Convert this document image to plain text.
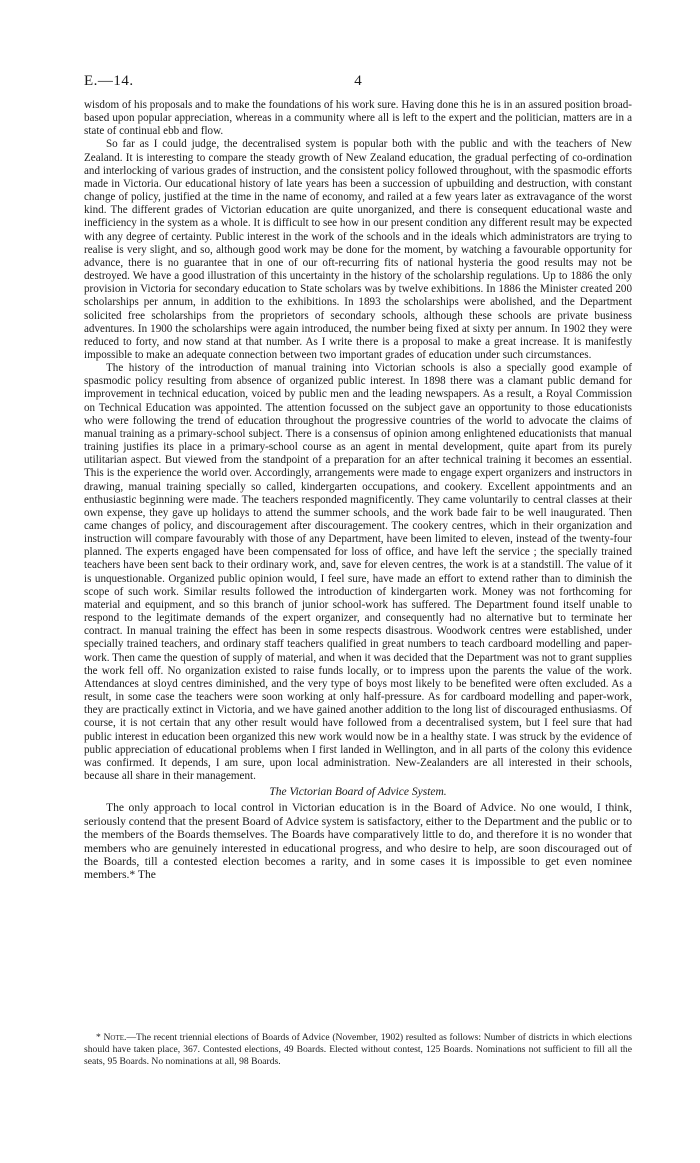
E.—14.	4

wisdom of his proposals and to make the foundations of his work sure. Having done this he is in an assured position broad-based upon popular appreciation, whereas in a community where all is left to the expert and the politician, matters are in a state of continual ebb and flow.

So far as I could judge, the decentralised system is popular both with the public and with the teachers of New Zealand. It is interesting to compare the steady growth of New Zealand education, the gradual perfecting of co-ordination and interlocking of various grades of instruction, and the consistent policy followed throughout, with the spasmodic efforts made in Victoria. Our educational history of late years has been a succession of upbuilding and destruction, with constant change of policy, justified at the time in the name of economy, and railed at a few years later as extravagance of the worst kind. The different grades of Victorian education are quite unorganized, and there is consequent educational waste and inefficiency in the system as a whole. It is difficult to see how in our present condition any different result may be expected with any degree of certainty. Public interest in the work of the schools and in the ideals which administrators are trying to realise is very slight, and so, although good work may be done for the moment, by watching a favourable opportunity for advance, there is no guarantee that in one of our oft-recurring fits of national hysteria the good results may not be destroyed. We have a good illustration of this uncertainty in the history of the scholarship regulations. Up to 1886 the only provision in Victoria for secondary education to State scholars was by twelve exhibitions. In 1886 the Minister created 200 scholarships per annum, in addition to the exhibitions. In 1893 the scholarships were abolished, and the Department solicited free scholarships from the proprietors of secondary schools, although these schools are private business adventures. In 1900 the scholarships were again introduced, the number being fixed at sixty per annum. In 1902 they were reduced to forty, and now stand at that number. As I write there is a proposal to make a great increase. It is manifestly impossible to make an adequate connection between two important grades of education under such circumstances.

The history of the introduction of manual training into Victorian schools is also a specially good example of spasmodic policy resulting from absence of organized public interest. In 1898 there was a clamant public demand for improvement in technical education, voiced by public men and the leading newspapers. As a result, a Royal Commission on Technical Education was appointed. The attention focussed on the subject gave an opportunity to those educationists who were following the trend of education throughout the progressive countries of the world to advocate the claims of manual training as a primary-school subject. There is a consensus of opinion among enlightened educationists that manual training justifies its place in a primary-school course as an agent in mental development, quite apart from its purely utilitarian aspect. But viewed from the standpoint of a preparation for an after technical training it becomes an essential. This is the experience the world over. Accordingly, arrangements were made to engage expert organizers and instructors in drawing, manual training specially so called, kindergarten occupations, and cookery. Excellent appointments and an enthusiastic beginning were made. The teachers responded magnificently. They came voluntarily to central classes at their own expense, they gave up holidays to attend the summer schools, and the work bade fair to be well inaugurated. Then came changes of policy, and discouragement after discouragement. The cookery centres, which in their organization and instruction will compare favourably with those of any Department, have been limited to eleven, instead of the twenty-four planned. The experts engaged have been compensated for loss of office, and have left the service ; the specially trained teachers have been sent back to their ordinary work, and, save for eleven centres, the work is at a standstill. The value of it is unquestionable. Organized public opinion would, I feel sure, have made an effort to extend rather than to diminish the scope of such work. Similar results followed the introduction of kindergarten work. Money was not forthcoming for material and equipment, and so this branch of junior school-work has suffered. The Department found itself unable to respond to the legitimate demands of the expert organizer, and consequently had no alternative but to terminate her contract. In manual training the effect has been in some respects disastrous. Woodwork centres were established, under specially trained teachers, and ordinary staff teachers qualified in great numbers to teach cardboard modelling and paper-work. Then came the question of supply of material, and when it was decided that the Department was not to grant supplies the work fell off. No organization existed to raise funds locally, or to impress upon the parents the value of the work. Attendances at sloyd centres diminished, and the very type of boys most likely to be benefited were often excluded. As a result, in some case the teachers were soon working at only half-pressure. As for cardboard modelling and paper-work, they are practically extinct in Victoria, and we have gained another addition to the long list of discouraged enthusiasms. Of course, it is not certain that any other result would have followed from a decentralised system, but I feel sure that had public interest in education been organized this new work would now be in a healthy state. I was struck by the evidence of public appreciation of educational problems when I first landed in Wellington, and in all parts of the colony this evidence was confirmed. It depends, I am sure, upon local administration. New-Zealanders are all interested in their schools, because all share in their management.

The Victorian Board of Advice System.

The only approach to local control in Victorian education is in the Board of Advice. No one would, I think, seriously contend that the present Board of Advice system is satisfactory, either to the Department and the public or to the members of the Boards themselves. The Boards have comparatively little to do, and therefore it is no wonder that members who are genuinely interested in educational progress, and who desire to help, are soon discouraged out of the Boards, till a contested election becomes a rarity, and in some cases it is impossible to get even nominee members.* The

* Note.—The recent triennial elections of Boards of Advice (November, 1902) resulted as follows: Number of districts in which elections should have taken place, 367. Contested elections, 49 Boards. Elected without contest, 125 Boards. Nominations not sufficient to fill all the seats, 95 Boards. No nominations at all, 98 Boards.
